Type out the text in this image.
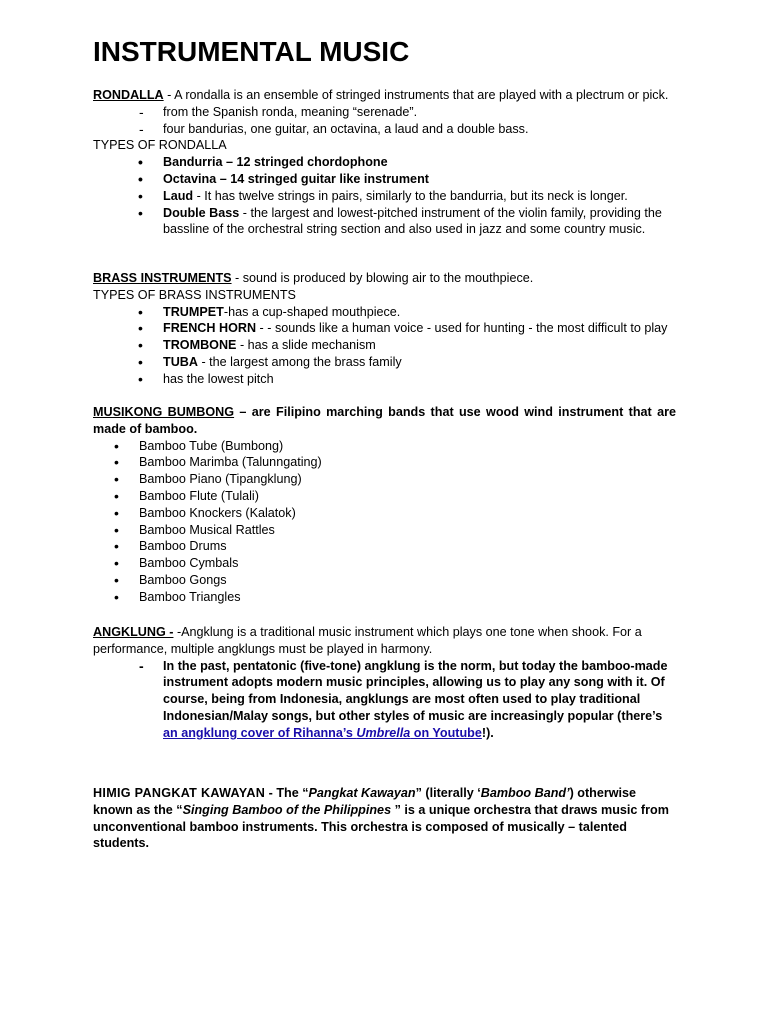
INSTRUMENTAL MUSIC
RONDALLA - A rondalla is an ensemble of stringed instruments that are played with a plectrum or pick.
- from the Spanish ronda, meaning “serenade”.
- four bandurias, one guitar, an octavina, a laud and a double bass.
TYPES OF RONDALLA
• Bandurria – 12 stringed chordophone
• Octavina – 14 stringed guitar like instrument
• Laud - It has twelve strings in pairs, similarly to the bandurria, but its neck is longer.
• Double Bass - the largest and lowest-pitched instrument of the violin family, providing the bassline of the orchestral string section and also used in jazz and some country music.
BRASS INSTRUMENTS - sound is produced by blowing air to the mouthpiece.
TYPES OF BRASS INSTRUMENTS
• TRUMPET-has a cup-shaped mouthpiece.
• FRENCH HORN - - sounds like a human voice - used for hunting - the most difficult to play
• TROMBONE - has a slide mechanism
• TUBA - the largest among the brass family
• has the lowest pitch
MUSIKONG BUMBONG – are Filipino marching bands that use wood wind instrument that are made of bamboo.
• Bamboo Tube (Bumbong)
• Bamboo Marimba (Talunngating)
• Bamboo Piano (Tipangklung)
• Bamboo Flute (Tulali)
• Bamboo Knockers (Kalatok)
• Bamboo Musical Rattles
• Bamboo Drums
• Bamboo Cymbals
• Bamboo Gongs
• Bamboo Triangles
ANGKLUNG - -Angklung is a traditional music instrument which plays one tone when shook. For a performance, multiple angklungs must be played in harmony.
- In the past, pentatonic (five-tone) angklung is the norm, but today the bamboo-made instrument adopts modern music principles, allowing us to play any song with it. Of course, being from Indonesia, angklungs are most often used to play traditional Indonesian/Malay songs, but other styles of music are increasingly popular (there’s an angklung cover of Rihanna’s Umbrella on Youtube!).
HIMIG PANGKAT KAWAYAN - The “Pangkat Kawayan” (literally ‘Bamboo Band’) otherwise known as the “Singing Bamboo of the Philippines ” is a unique orchestra that draws music from unconventional bamboo instruments. This orchestra is composed of musically – talented students.
